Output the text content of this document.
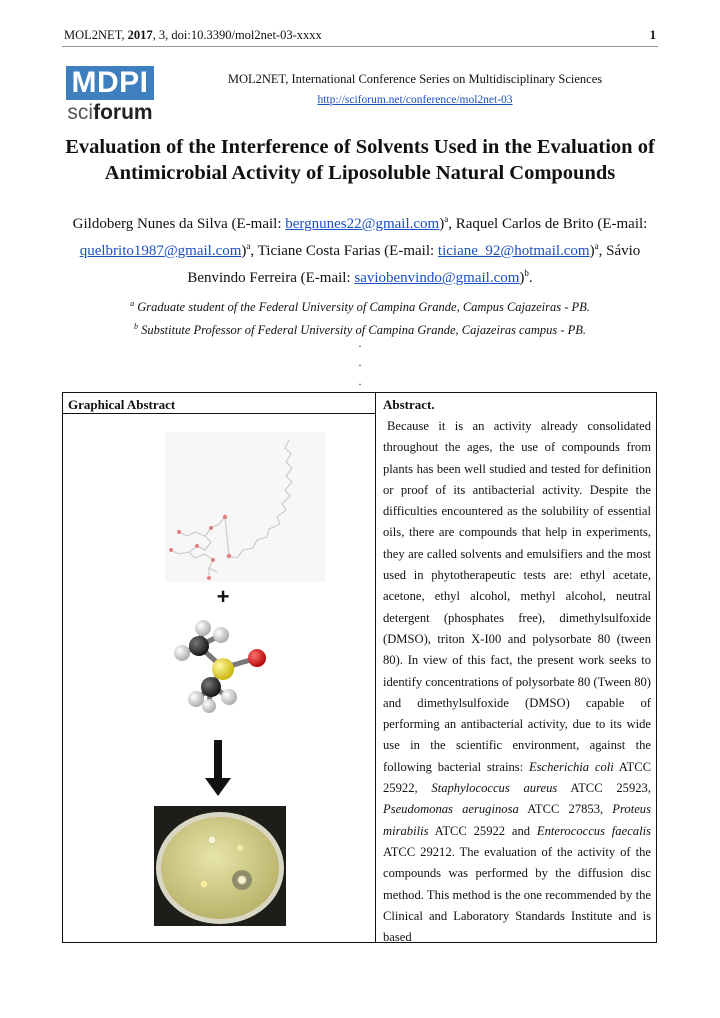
MOL2NET, 2017, 3, doi:10.3390/mol2net-03-xxxx	1
MDPI
sciforum
MOL2NET, International Conference Series on Multidisciplinary Sciences
http://sciforum.net/conference/mol2net-03
Evaluation of the Interference of Solvents Used in the Evaluation of Antimicrobial Activity of Liposoluble Natural Compounds
Gildoberg Nunes da Silva (E-mail: bergnunes22@gmail.com)$^a$, Raquel Carlos de Brito (E-mail: quelbrito1987@gmail.com)$^a$, Ticiane Costa Farias (E-mail: ticiane_92@hotmail.com)$^a$, Sávio Benvindo Ferreira (E-mail: saviobenvindo@gmail.com)$^b$.
$^a$ Graduate student of the Federal University of Campina Grande, Campus Cajazeiras - PB.
$^b$ Substitute Professor of Federal University of Campina Grande, Cajazeiras campus - PB.
.
.
.
Graphical Abstract	Abstract.
+
Because it is an activity already consolidated throughout the ages, the use of compounds from plants has been well studied and tested for definition or proof of its antibacterial activity. Despite the difficulties encountered as the solubility of essential oils, there are compounds that help in experiments, they are called solvents and emulsifiers and the most used in phytotherapeutic tests are: ethyl acetate, acetone, ethyl alcohol, methyl alcohol, neutral detergent (phosphates free), dimethylsulfoxide (DMSO), triton X-I00 and polysorbate 80 (tween 80). In view of this fact, the present work seeks to identify concentrations of polysorbate 80 (Tween 80) and dimethylsulfoxide (DMSO) capable of performing an antibacterial activity, due to its wide use in the scientific environment, against the following bacterial strains: Escherichia coli ATCC 25922, Staphylococcus aureus ATCC 25923, Pseudomonas aeruginosa ATCC 27853, Proteus mirabilis ATCC 25922 and Enterococcus faecalis ATCC 29212. The evaluation of the activity of the compounds was performed by the diffusion disc method. This method is the one recommended by the Clinical and Laboratory Standards Institute and is based
